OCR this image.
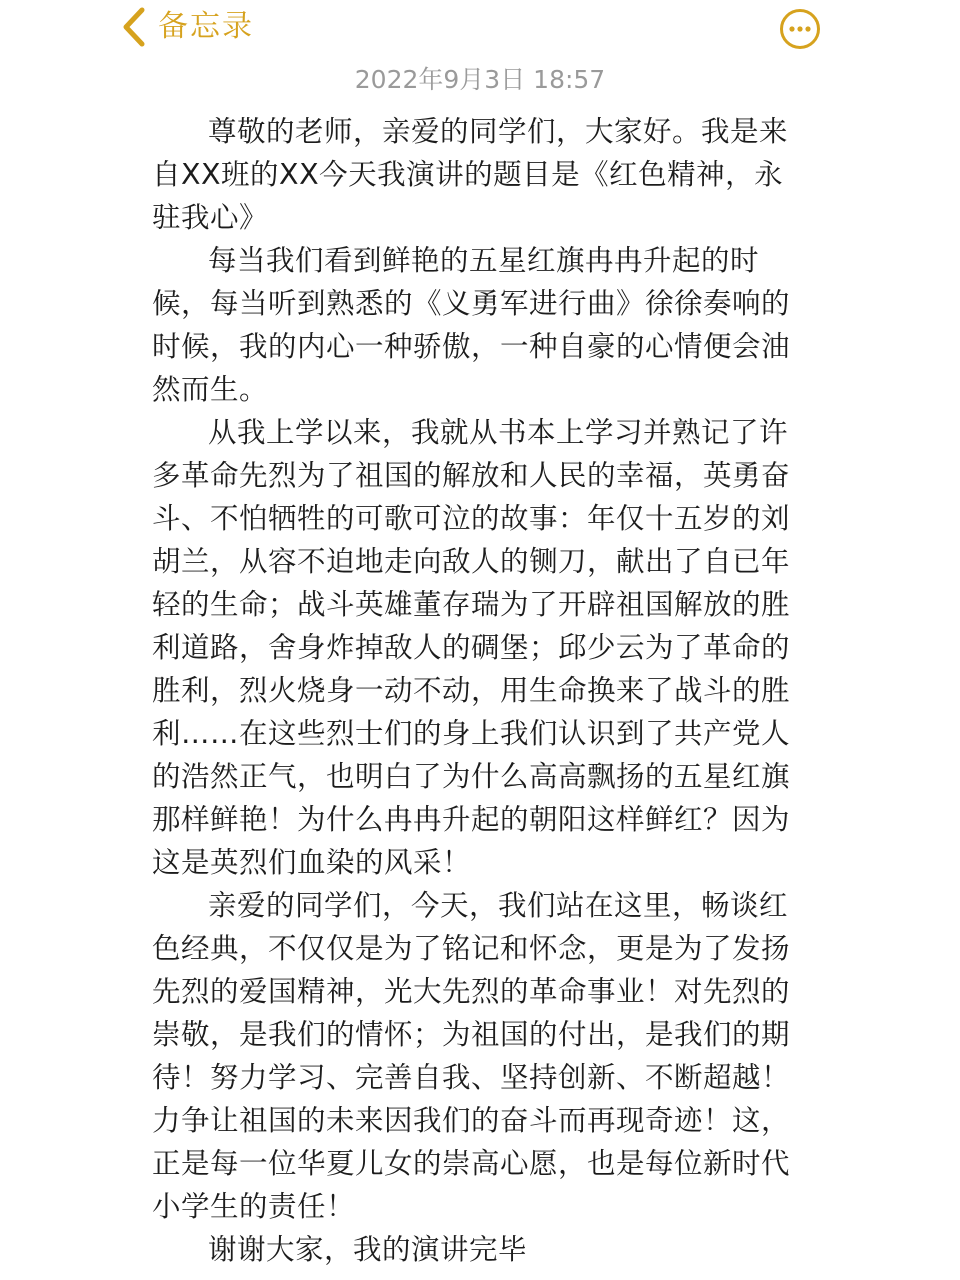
备忘录
2022年9月3日 18:57

尊敬的老师，亲爱的同学们，大家好。我是来自XX班的XX今天我演讲的题目是《红色精神，永驻我心》

每当我们看到鲜艳的五星红旗冉冉升起的时候，每当听到熟悉的《义勇军进行曲》徐徐奏响的时候，我的内心一种骄傲，一种自豪的心情便会油然而生。

从我上学以来，我就从书本上学习并熟记了许多革命先烈为了祖国的解放和人民的幸福，英勇奋斗、不怕牺牲的可歌可泣的故事：年仅十五岁的刘胡兰，从容不迫地走向敌人的铡刀，献出了自已年轻的生命；战斗英雄董存瑞为了开辟祖国解放的胜利道路，舍身炸掉敌人的碉堡；邱少云为了革命的胜利，烈火烧身一动不动，用生命换来了战斗的胜利……在这些烈士们的身上我们认识到了共产党人的浩然正气，也明白了为什么高高飘扬的五星红旗那样鲜艳！为什么冉冉升起的朝阳这样鲜红？因为这是英烈们血染的风采！

亲爱的同学们，今天，我们站在这里，畅谈红色经典，不仅仅是为了铭记和怀念，更是为了发扬先烈的爱国精神，光大先烈的革命事业！对先烈的崇敬，是我们的情怀；为祖国的付出，是我们的期待！努力学习、完善自我、坚持创新、不断超越！力争让祖国的未来因我们的奋斗而再现奇迹！这，正是每一位华夏儿女的崇高心愿，也是每位新时代小学生的责任！

谢谢大家，我的演讲完毕
